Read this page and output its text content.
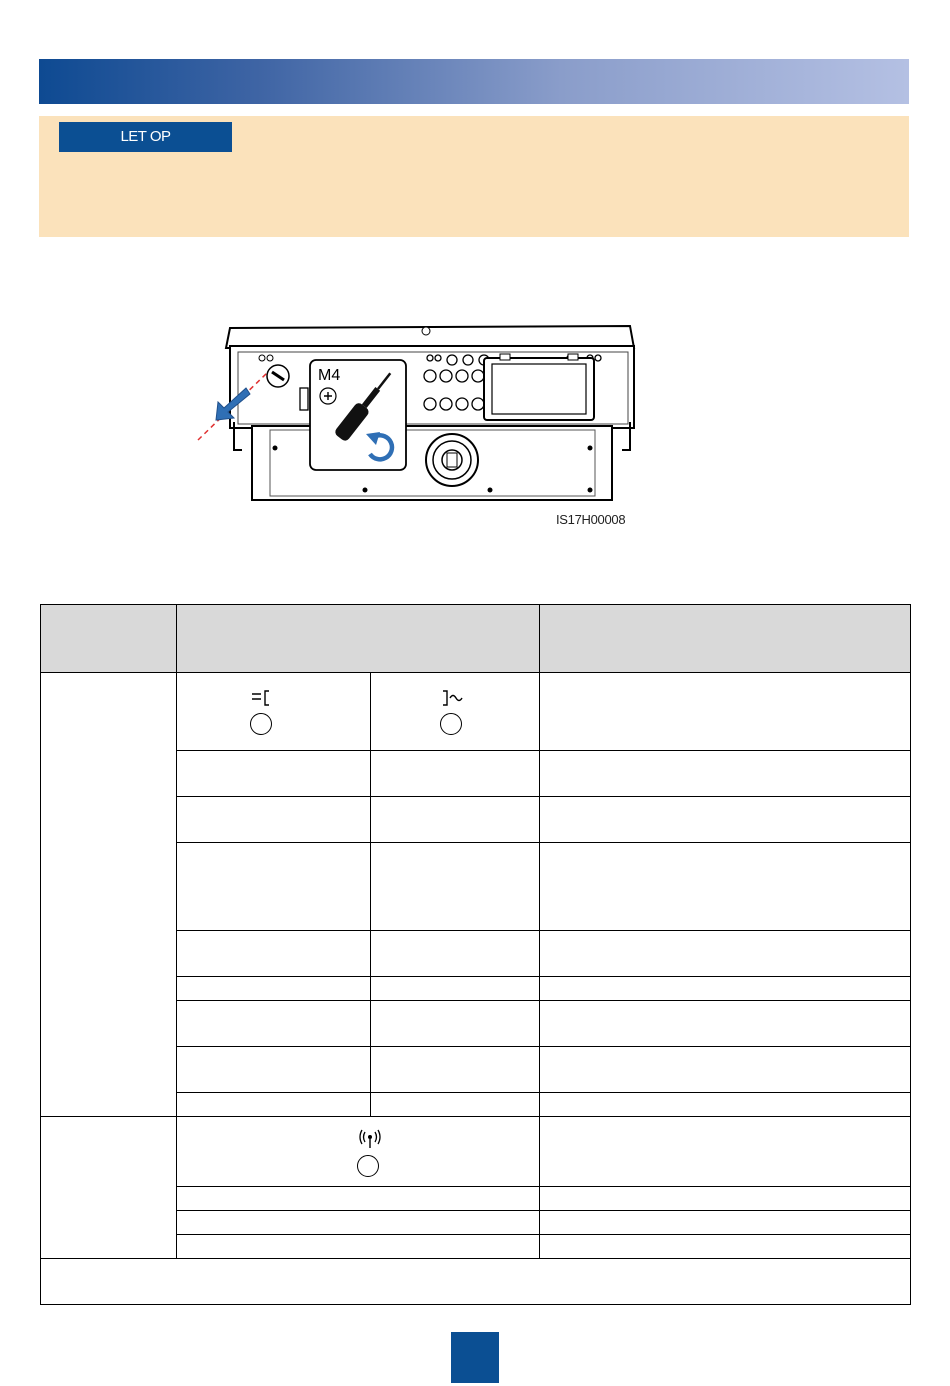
LET OP
M4
IS17H00008
